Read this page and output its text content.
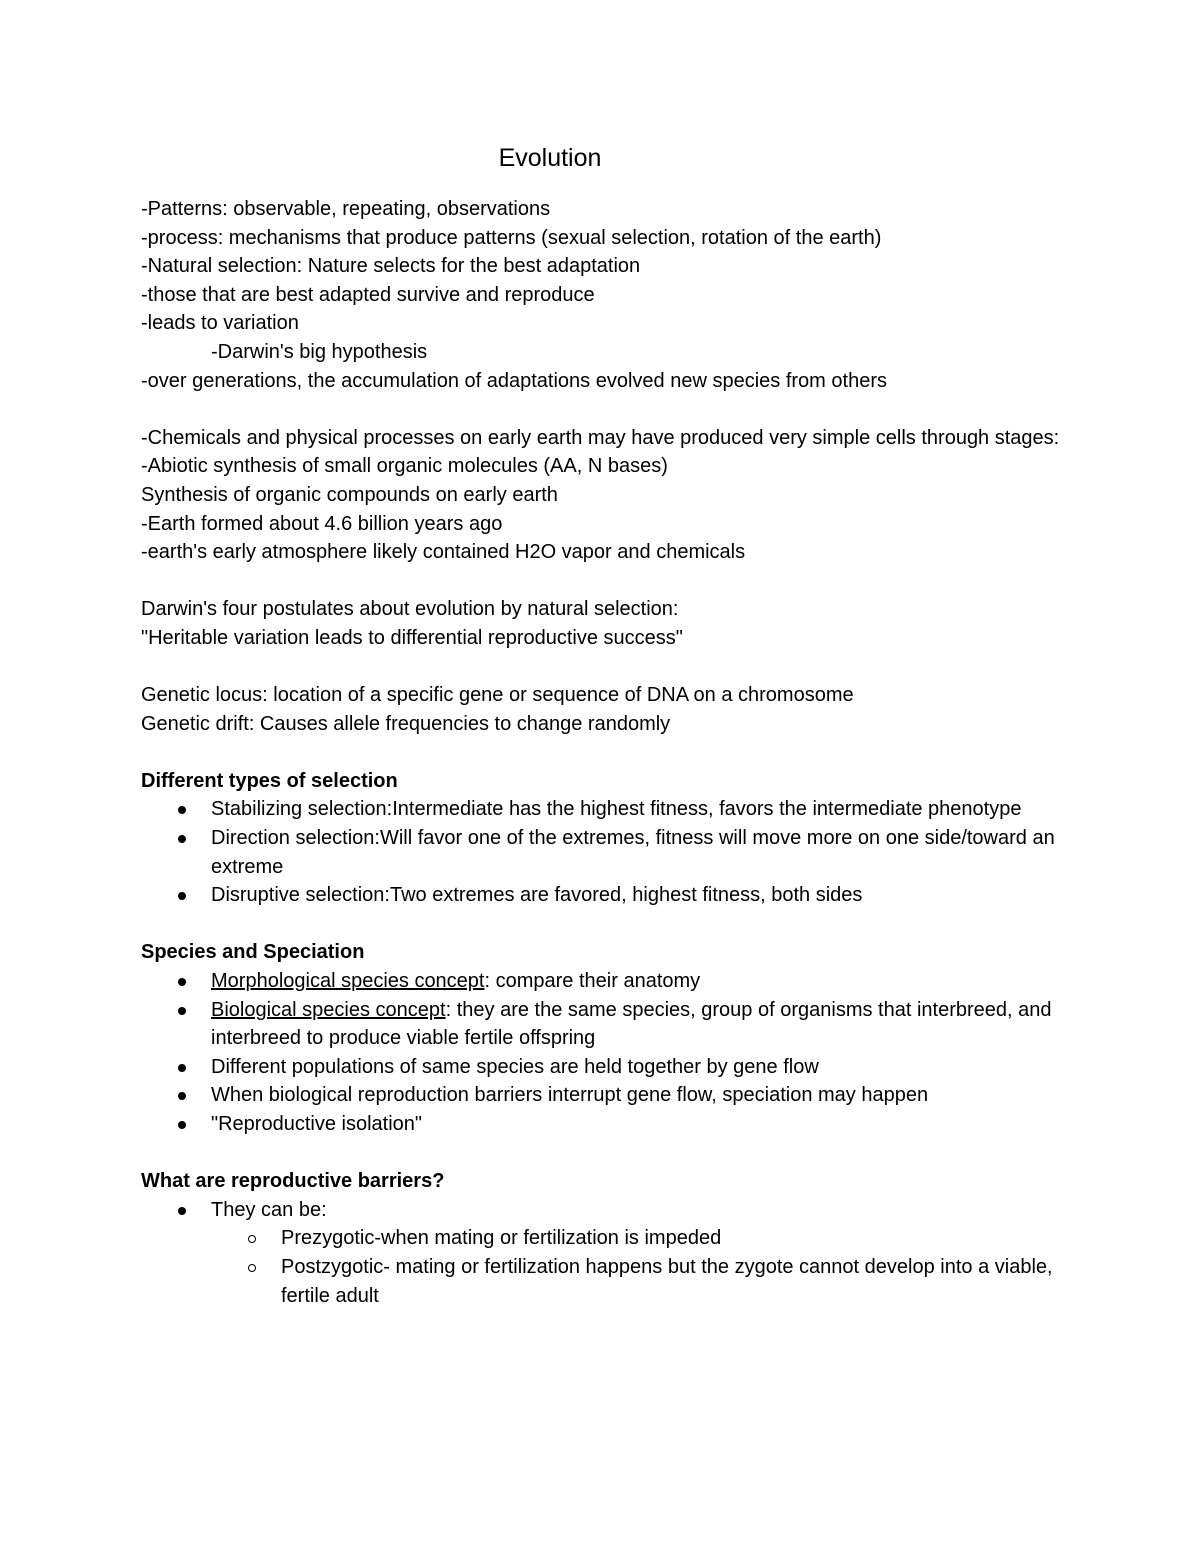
Evolution

-Patterns: observable, repeating, observations

-process: mechanisms that produce patterns (sexual selection, rotation of the earth)

-Natural selection: Nature selects for the best adaptation

-those that are best adapted survive and reproduce

-leads to variation

-Darwin's big hypothesis

-over generations, the accumulation of adaptations evolved new species from others

-Chemicals and physical processes on early earth may have produced very simple cells through stages:

-Abiotic synthesis of small organic molecules (AA, N bases)

Synthesis of organic compounds on early earth

-Earth formed about 4.6 billion years ago

-earth's early atmosphere likely contained H2O vapor and chemicals

Darwin's four postulates about evolution by natural selection:

"Heritable variation leads to differential reproductive success"

Genetic locus: location of a specific gene or sequence of DNA on a chromosome

Genetic drift: Causes allele frequencies to change randomly

Different types of selection

Stabilizing selection:Intermediate has the highest fitness, favors the intermediate phenotype
Direction selection:Will favor one of the extremes, fitness will move more on one side/toward an extreme
Disruptive selection:Two extremes are favored, highest fitness, both sides

Species and Speciation

Morphological species concept: compare their anatomy
Biological species concept: they are the same species, group of organisms that interbreed, and interbreed to produce viable fertile offspring
Different populations of same species are held together by gene flow
When biological reproduction barriers interrupt gene flow, speciation may happen
"Reproductive isolation"

What are reproductive barriers?

They can be:
Prezygotic-when mating or fertilization is impeded
Postzygotic- mating or fertilization happens but the zygote cannot develop into a viable, fertile adult
